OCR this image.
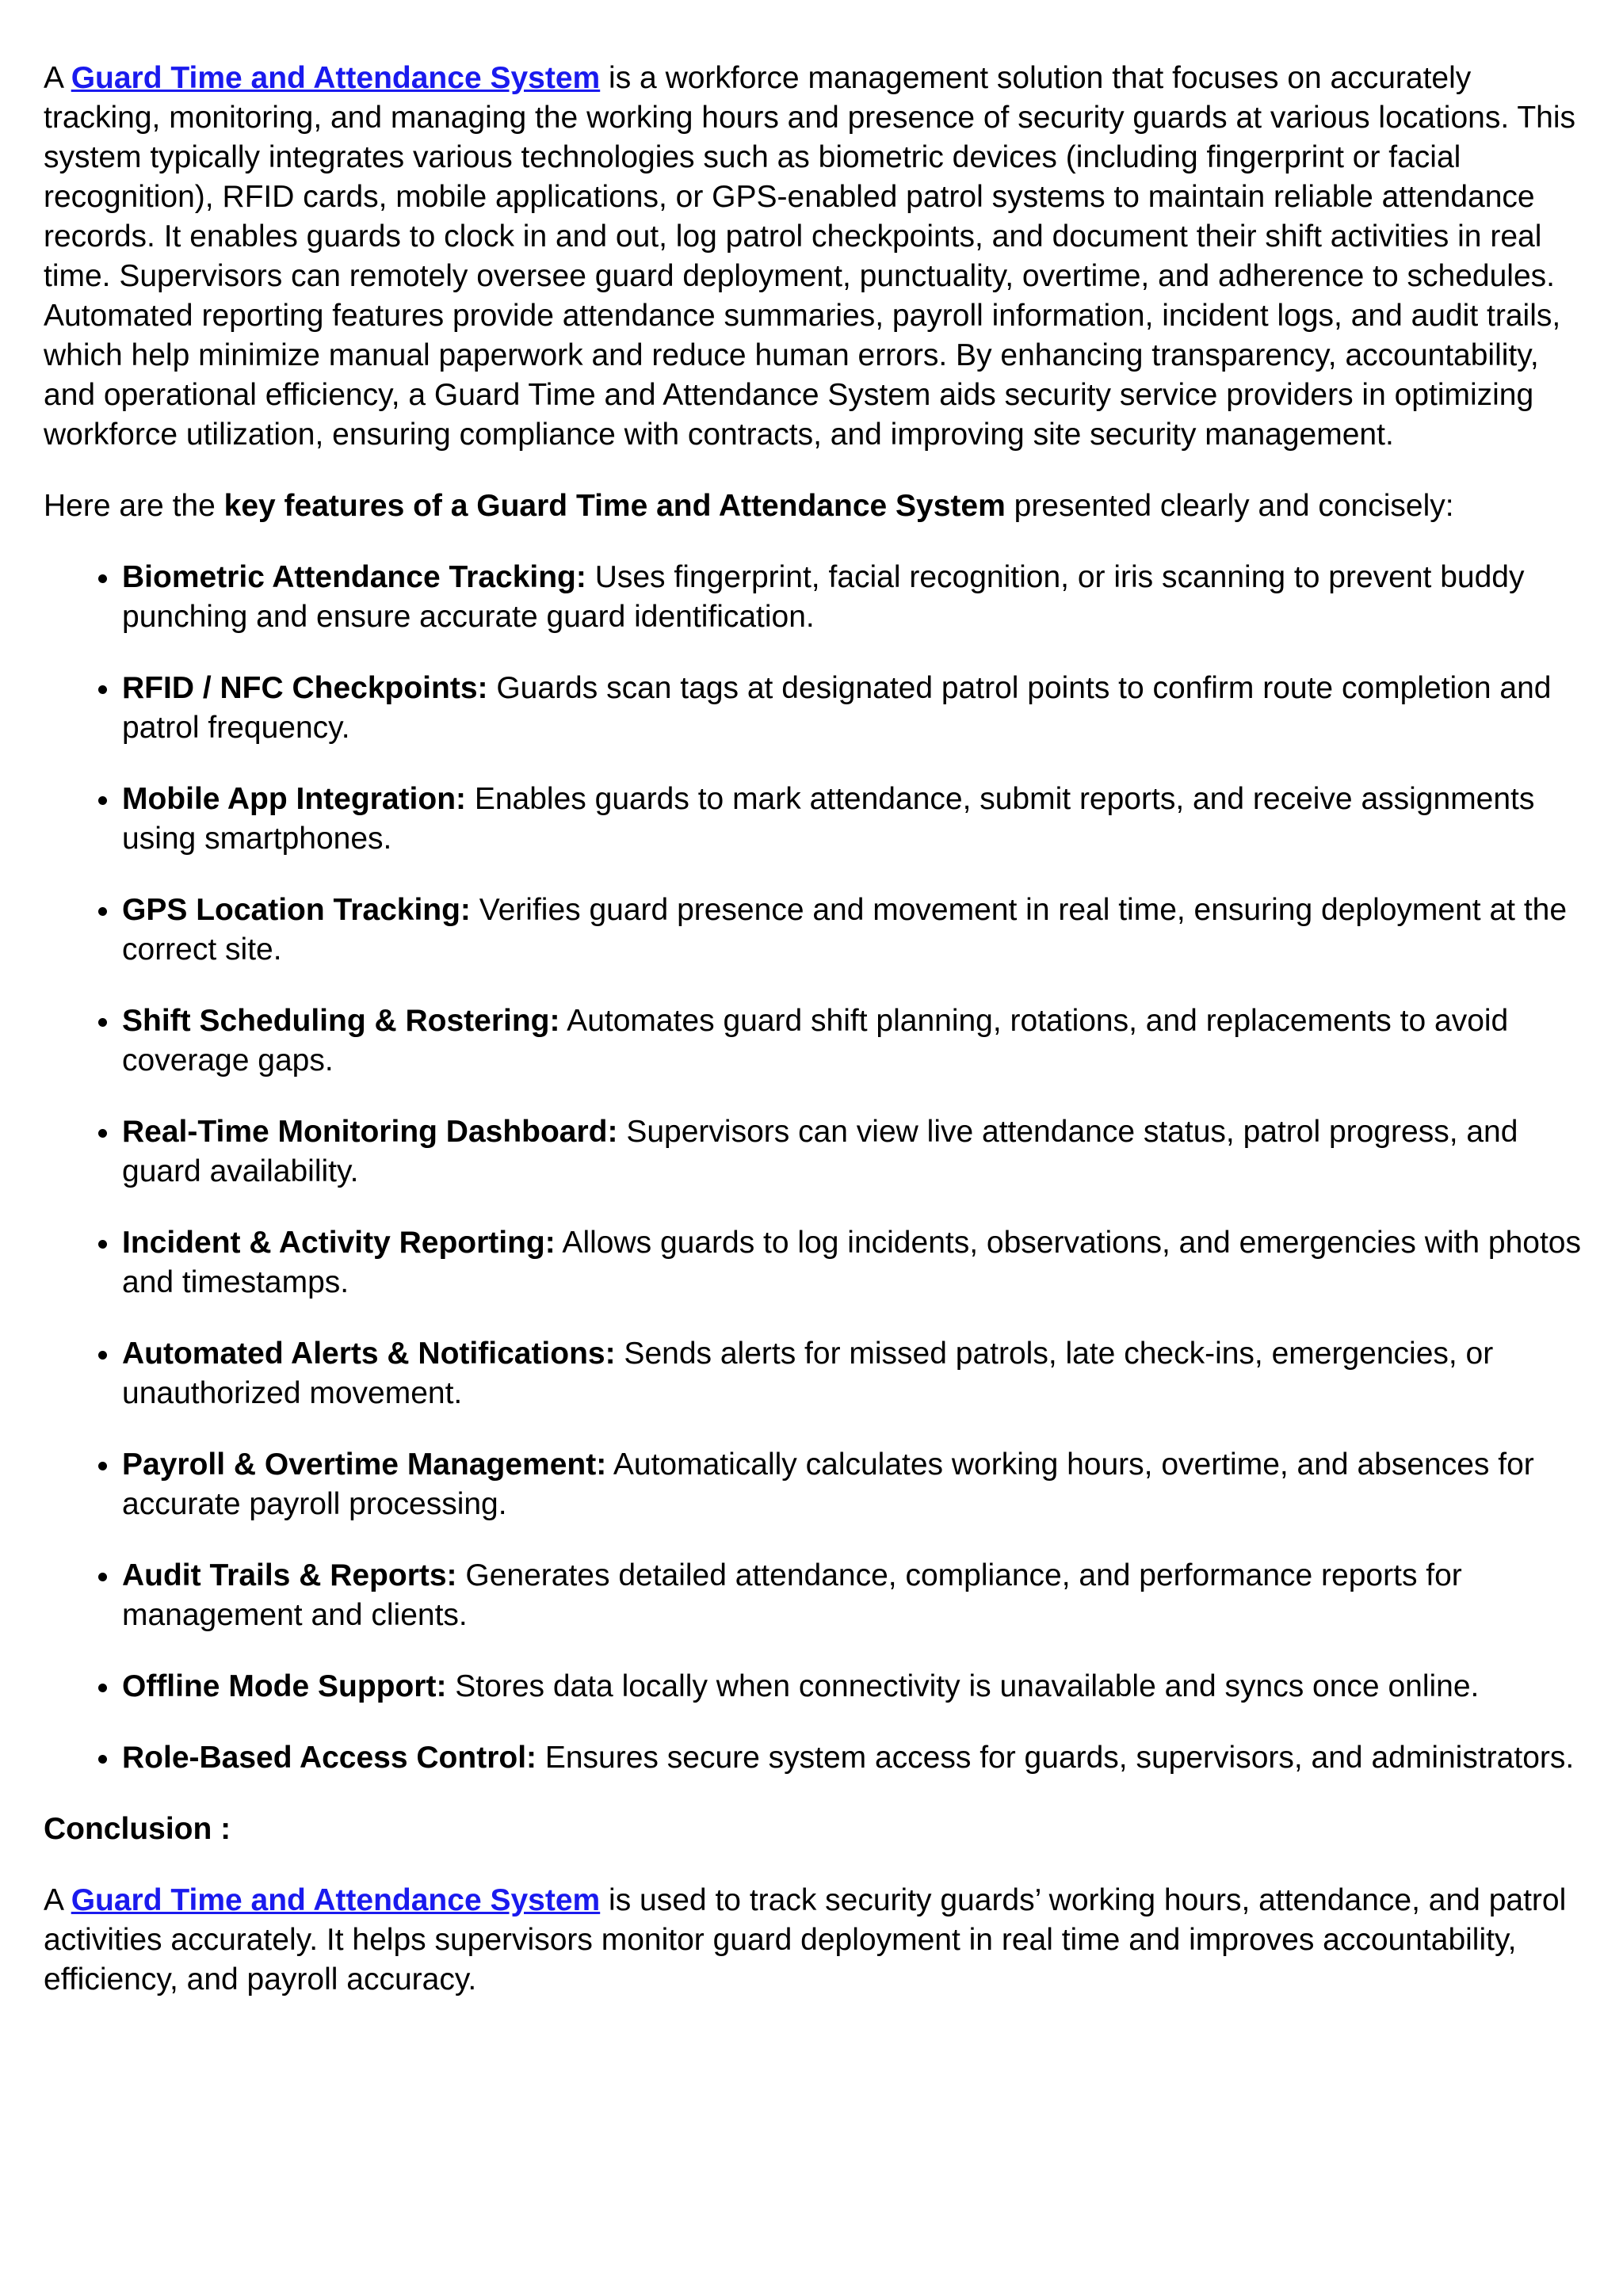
A Guard Time and Attendance System is a workforce management solution that focuses on accurately tracking, monitoring, and managing the working hours and presence of security guards at various locations. This system typically integrates various technologies such as biometric devices (including fingerprint or facial recognition), RFID cards, mobile applications, or GPS-enabled patrol systems to maintain reliable attendance records. It enables guards to clock in and out, log patrol checkpoints, and document their shift activities in real time. Supervisors can remotely oversee guard deployment, punctuality, overtime, and adherence to schedules. Automated reporting features provide attendance summaries, payroll information, incident logs, and audit trails, which help minimize manual paperwork and reduce human errors. By enhancing transparency, accountability, and operational efficiency, a Guard Time and Attendance System aids security service providers in optimizing workforce utilization, ensuring compliance with contracts, and improving site security management.

Here are the key features of a Guard Time and Attendance System presented clearly and concisely:

Biometric Attendance Tracking: Uses fingerprint, facial recognition, or iris scanning to prevent buddy punching and ensure accurate guard identification.
RFID / NFC Checkpoints: Guards scan tags at designated patrol points to confirm route completion and patrol frequency.
Mobile App Integration: Enables guards to mark attendance, submit reports, and receive assignments using smartphones.
GPS Location Tracking: Verifies guard presence and movement in real time, ensuring deployment at the correct site.
Shift Scheduling & Rostering: Automates guard shift planning, rotations, and replacements to avoid coverage gaps.
Real-Time Monitoring Dashboard: Supervisors can view live attendance status, patrol progress, and guard availability.
Incident & Activity Reporting: Allows guards to log incidents, observations, and emergencies with photos and timestamps.
Automated Alerts & Notifications: Sends alerts for missed patrols, late check-ins, emergencies, or unauthorized movement.
Payroll & Overtime Management: Automatically calculates working hours, overtime, and absences for accurate payroll processing.
Audit Trails & Reports: Generates detailed attendance, compliance, and performance reports for management and clients.
Offline Mode Support: Stores data locally when connectivity is unavailable and syncs once online.
Role-Based Access Control: Ensures secure system access for guards, supervisors, and administrators.

Conclusion :

A Guard Time and Attendance System is used to track security guards’ working hours, attendance, and patrol activities accurately. It helps supervisors monitor guard deployment in real time and improves accountability, efficiency, and payroll accuracy.
